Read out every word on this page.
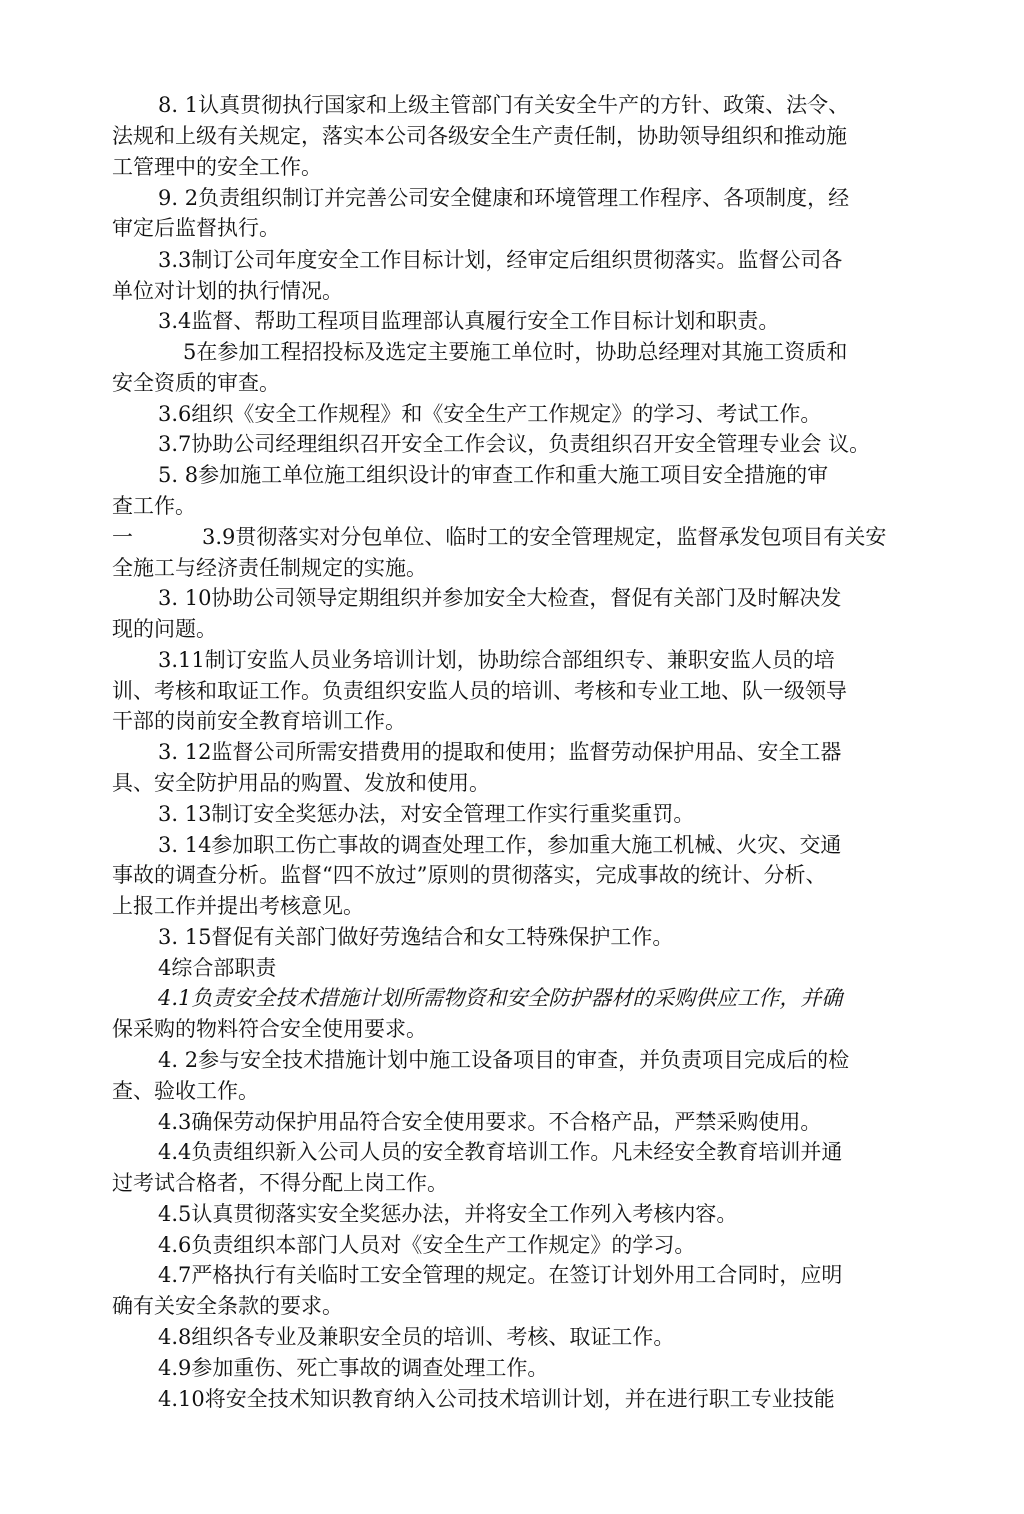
8. 1认真贯彻执行国家和上级主管部门有关安全牛产的方针、政策、法令、
法规和上级有关规定，落实本公司各级安全生产责任制，协助领导组织和推动施
工管理中的安全工作。
9. 2负责组织制订并完善公司安全健康和环境管理工作程序、各项制度，经
审定后监督执行。
3.3制订公司年度安全工作目标计划，经审定后组织贯彻落实。监督公司各
单位对计划的执行情况。
3.4监督、帮助工程项目监理部认真履行安全工作目标计划和职责。
5在参加工程招投标及选定主要施工单位时，协助总经理对其施工资质和
安全资质的审查。
3.6组织《安全工作规程》和《安全生产工作规定》的学习、考试工作。
3.7协助公司经理组织召开安全工作会议，负责组织召开安全管理专业会 议。
5. 8参加施工单位施工组织设计的审查工作和重大施工项目安全措施的审
查工作。
一	3.9贯彻落实对分包单位、临时工的安全管理规定，监督承发包项目有关安
全施工与经济责任制规定的实施。
3. 10协助公司领导定期组织并参加安全大检查，督促有关部门及时解决发
现的问题。
3.11制订安监人员业务培训计划，协助综合部组织专、兼职安监人员的培
训、考核和取证工作。负责组织安监人员的培训、考核和专业工地、队一级领导
干部的岗前安全教育培训工作。
3. 12监督公司所需安措费用的提取和使用；监督劳动保护用品、安全工器
具、安全防护用品的购置、发放和使用。
3. 13制订安全奖惩办法，对安全管理工作实行重奖重罚。
3. 14参加职工伤亡事故的调查处理工作，参加重大施工机械、火灾、交通
事故的调查分析。监督“四不放过”原则的贯彻落实，完成事故的统计、分析、
上报工作并提出考核意见。
3. 15督促有关部门做好劳逸结合和女工特殊保护工作。
4综合部职责
4.1负责安全技术措施计划所需物资和安全防护器材的采购供应工作，并确
保采购的物料符合安全使用要求。
4. 2参与安全技术措施计划中施工设备项目的审查，并负责项目完成后的检
查、验收工作。
4.3确保劳动保护用品符合安全使用要求。不合格产品，严禁采购使用。
4.4负责组织新入公司人员的安全教育培训工作。凡未经安全教育培训并通
过考试合格者，不得分配上岗工作。
4.5认真贯彻落实安全奖惩办法，并将安全工作列入考核内容。
4.6负责组织本部门人员对《安全生产工作规定》的学习。
4.7严格执行有关临时工安全管理的规定。在签订计划外用工合同时，应明
确有关安全条款的要求。
4.8组织各专业及兼职安全员的培训、考核、取证工作。
4.9参加重伤、死亡事故的调查处理工作。
4.10将安全技术知识教育纳入公司技术培训计划，并在进行职工专业技能
